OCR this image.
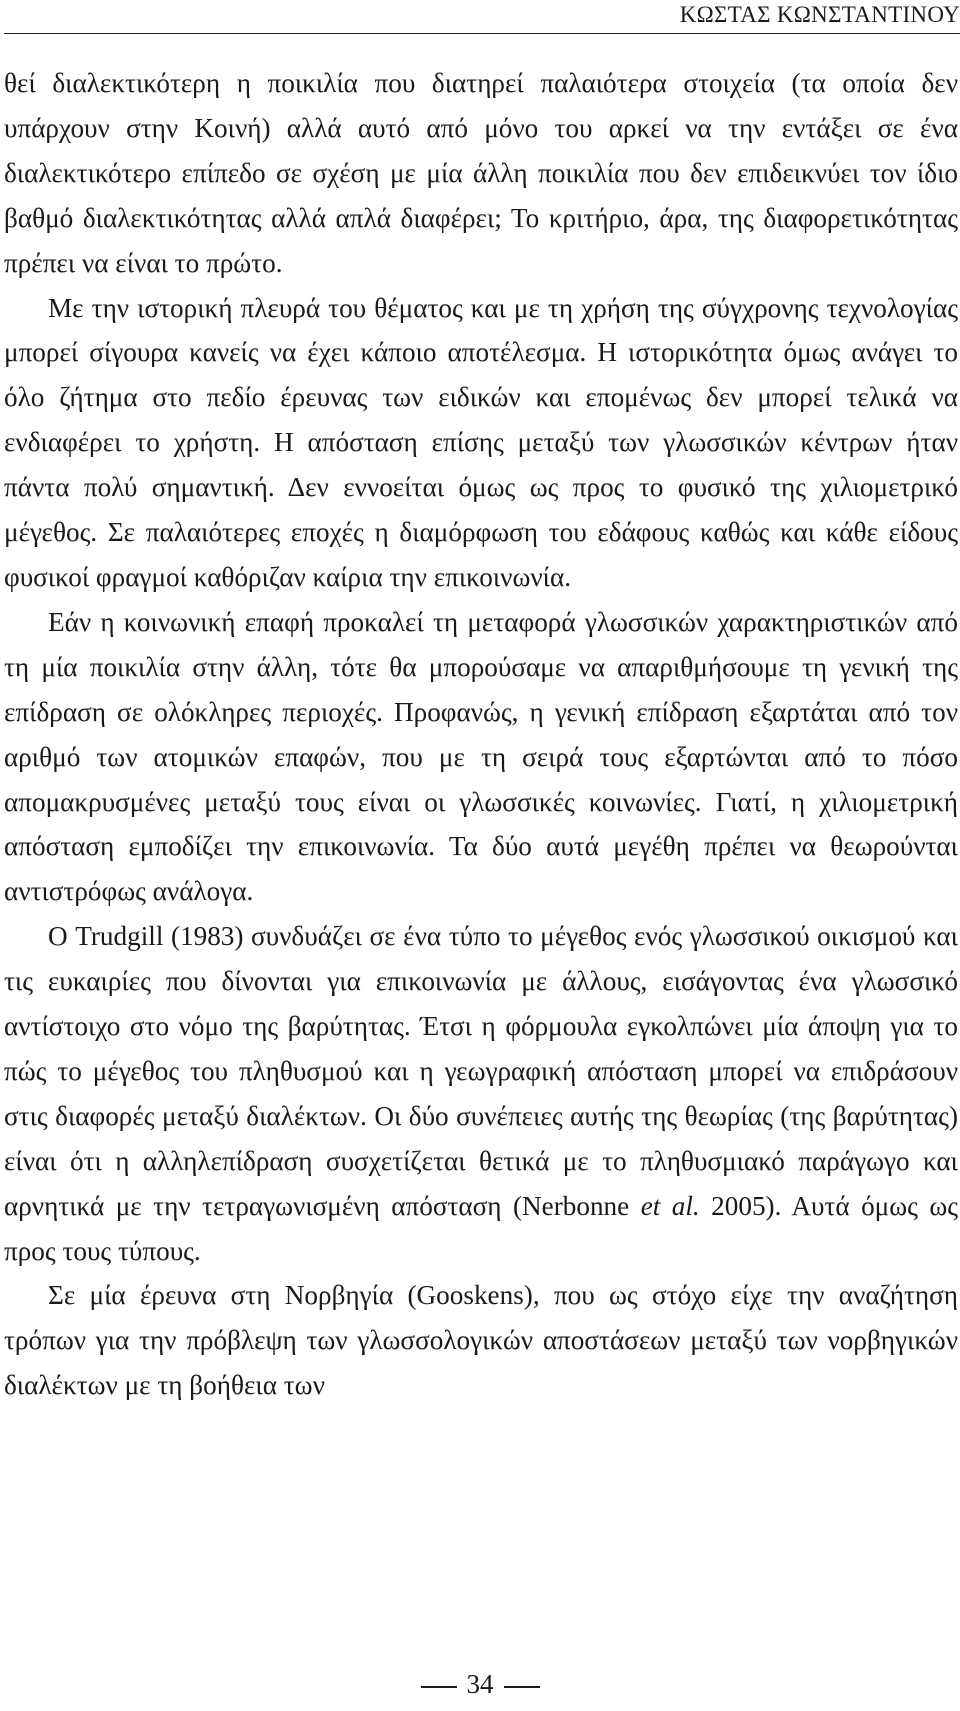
ΚΩΣΤΑΣ ΚΩΝΣΤΑΝΤΙΝΟΥ

θεί διαλεκτικότερη η ποικιλία που διατηρεί παλαιότερα στοιχεία (τα οποία δεν υπάρχουν στην Κοινή) αλλά αυτό από μόνο του αρκεί να την εντάξει σε ένα διαλεκτικότερο επίπεδο σε σχέση με μία άλλη ποικιλία που δεν επιδεικνύει τον ίδιο βαθμό διαλεκτικότητας αλλά απλά διαφέρει; Το κριτήριο, άρα, της διαφορετικότητας πρέπει να είναι το πρώτο.

Με την ιστορική πλευρά του θέματος και με τη χρήση της σύγχρονης τεχνολογίας μπορεί σίγουρα κανείς να έχει κάποιο αποτέλεσμα. Η ιστορικότητα όμως ανάγει το όλο ζήτημα στο πεδίο έρευνας των ειδικών και επομένως δεν μπορεί τελικά να ενδιαφέρει το χρήστη. Η απόσταση επίσης μεταξύ των γλωσσικών κέντρων ήταν πάντα πολύ σημαντική. Δεν εννοείται όμως ως προς το φυσικό της χιλιομετρικό μέγεθος. Σε παλαιότερες εποχές η διαμόρφωση του εδάφους καθώς και κάθε είδους φυσικοί φραγμοί καθόριζαν καίρια την επικοινωνία.

Εάν η κοινωνική επαφή προκαλεί τη μεταφορά γλωσσικών χαρακτηριστικών από τη μία ποικιλία στην άλλη, τότε θα μπορούσαμε να απαριθμήσουμε τη γενική της επίδραση σε ολόκληρες περιοχές. Προφανώς, η γενική επίδραση εξαρτάται από τον αριθμό των ατομικών επαφών, που με τη σειρά τους εξαρτώνται από το πόσο απομακρυσμένες μεταξύ τους είναι οι γλωσσικές κοινωνίες. Γιατί, η χιλιομετρική απόσταση εμποδίζει την επικοινωνία. Τα δύο αυτά μεγέθη πρέπει να θεωρούνται αντιστρόφως ανάλογα.

Ο Trudgill (1983) συνδυάζει σε ένα τύπο το μέγεθος ενός γλωσσικού οικισμού και τις ευκαιρίες που δίνονται για επικοινωνία με άλλους, εισάγοντας ένα γλωσσικό αντίστοιχο στο νόμο της βαρύτητας. Έτσι η φόρμουλα εγκολπώνει μία άποψη για το πώς το μέγεθος του πληθυσμού και η γεωγραφική απόσταση μπορεί να επιδράσουν στις διαφορές μεταξύ διαλέκτων. Οι δύο συνέπειες αυτής της θεωρίας (της βαρύτητας) είναι ότι η αλληλεπίδραση συσχετίζεται θετικά με το πληθυσμιακό παράγωγο και αρνητικά με την τετραγωνισμένη απόσταση (Nerbonne et al. 2005). Αυτά όμως ως προς τους τύπους.

Σε μία έρευνα στη Νορβηγία (Gooskens), που ως στόχο είχε την αναζήτηση τρόπων για την πρόβλεψη των γλωσσολογικών αποστάσεων μεταξύ των νορβηγικών διαλέκτων με τη βοήθεια των

34
